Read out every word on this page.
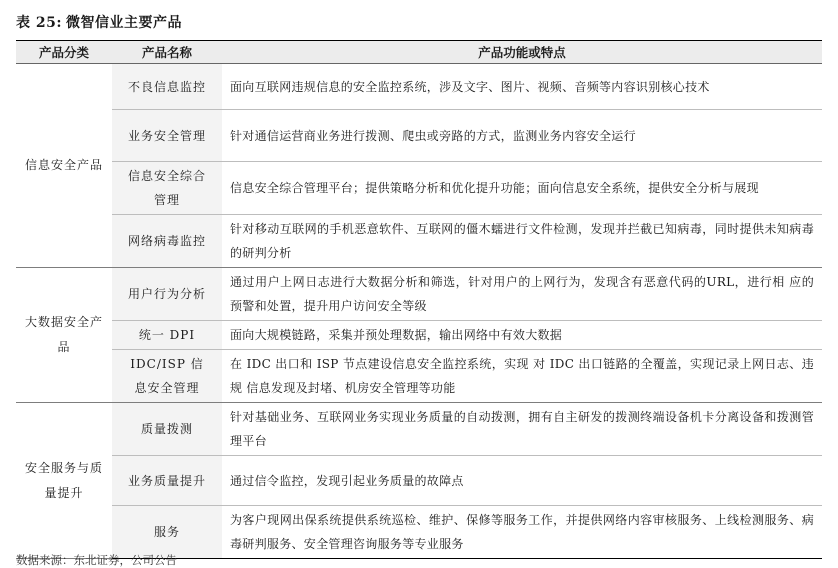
表 25: 微智信业主要产品
产品分类	产品名称	产品功能或特点
信息安全产品	不良信息监控	面向互联网违规信息的安全监控系统，涉及文字、图片、视频、音频等内容识别核心技术
	业务安全管理	针对通信运营商业务进行拨测、爬虫或旁路的方式，监测业务内容安全运行
	信息安全综合管理	信息安全综合管理平台；提供策略分析和优化提升功能；面向信息安全系统，提供安全分析与展现
	网络病毒监控	针对移动互联网的手机恶意软件、互联网的僵木蠕进行文件检测，发现并拦截已知病毒，同时提供未知病毒的研判分析
大数据安全产品	用户行为分析	通过用户上网日志进行大数据分析和筛选，针对用户的上网行为，发现含有恶意代码的URL，进行相 应的预警和处置，提升用户访问安全等级
	统一 DPI	面向大规模链路，采集并预处理数据，输出网络中有效大数据
	IDC/ISP 信息安全管理	在 IDC 出口和 ISP 节点建设信息安全监控系统，实现 对 IDC 出口链路的全覆盖，实现记录上网日志、违规 信息发现及封堵、机房安全管理等功能
安全服务与质量提升	质量拨测	针对基础业务、互联网业务实现业务质量的自动拨测，拥有自主研发的拨测终端设备机卡分离设备和拨测管理平台
	业务质量提升	通过信令监控，发现引起业务质量的故障点
	服务	为客户现网出保系统提供系统巡检、维护、保修等服务工作，并提供网络内容审核服务、上线检测服务、病毒研判服务、安全管理咨询服务等专业服务
数据来源：东北证券，公司公告
